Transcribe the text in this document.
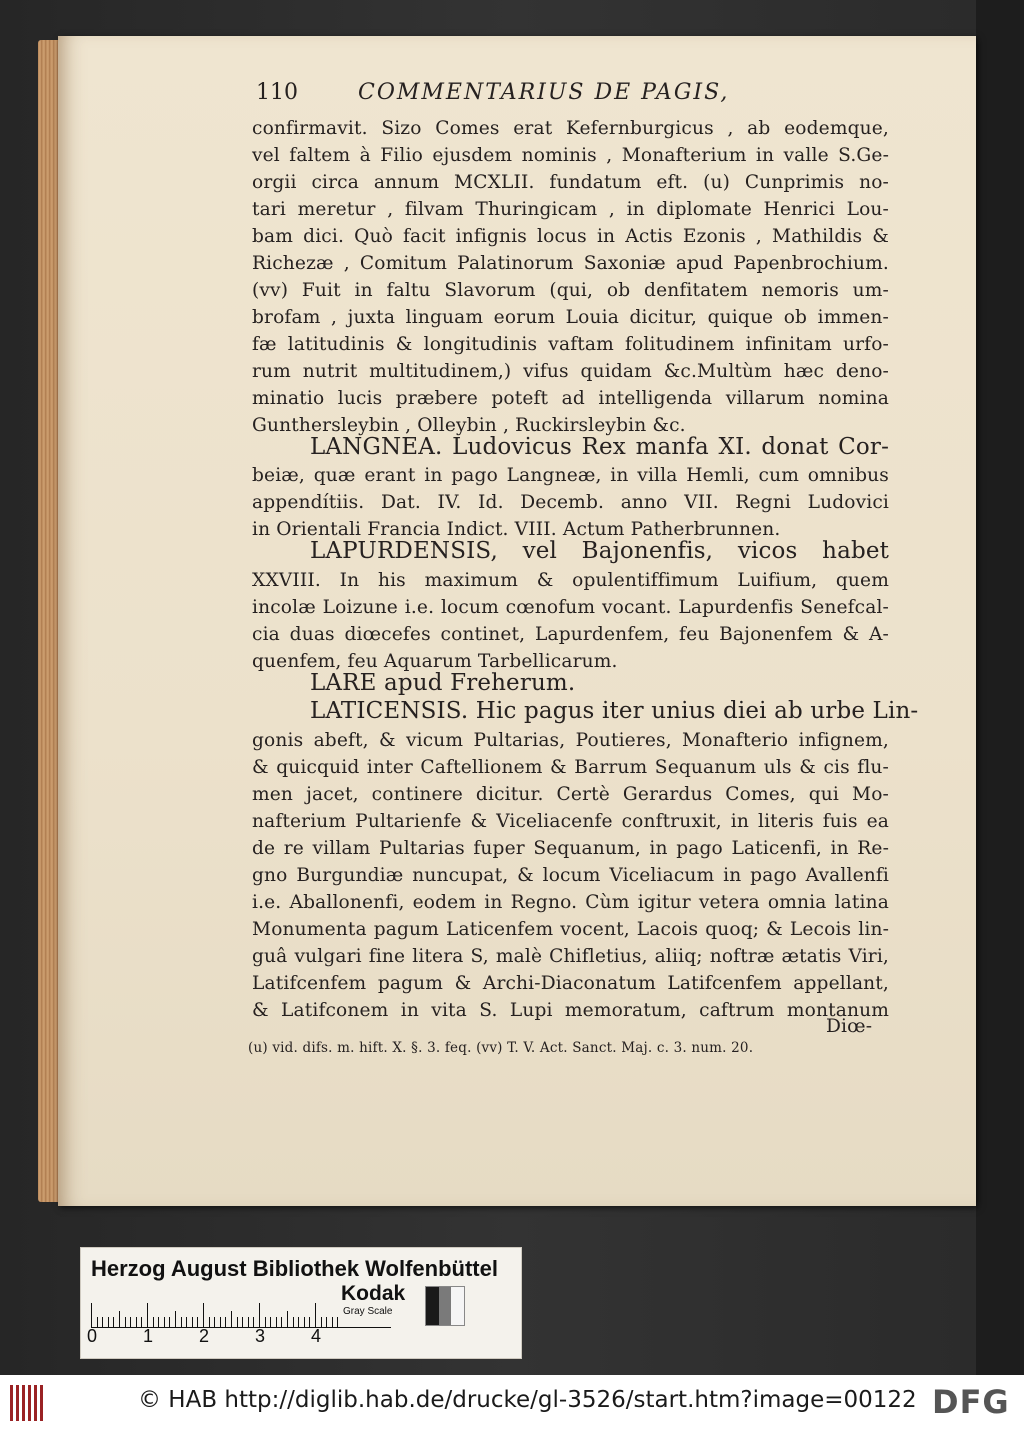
110	COMMENTARIUS DE PAGIS,
confirmavit. Sizo Comes erat Kefernburgicus , ab eodemque,
vel faltem à Filio ejusdem nominis , Monafterium in valle S.Ge-
orgii circa annum MCXLII. fundatum eft. (u) Cunprimis no-
tari meretur , filvam Thuringicam , in diplomate Henrici Lou-
bam dici. Quò facit infignis locus in Actis Ezonis , Mathildis &
Richezæ , Comitum Palatinorum Saxoniæ apud Papenbrochium.
(vv) Fuit in faltu Slavorum (qui, ob denfitatem nemoris um-
brofam , juxta linguam eorum Louia dicitur, quique ob immen-
fæ latitudinis & longitudinis vaftam folitudinem infinitam urfo-
rum nutrit multitudinem,) vifus quidam &c.Multùm hæc deno-
minatio lucis præbere poteft ad intelligenda villarum nomina
Gunthersleybin , Olleybin , Ruckirsleybin &c.
LANGNEA. Ludovicus Rex manfa XI. donat Cor-
beiæ, quæ erant in pago Langneæ, in villa Hemli, cum omnibus
appendítiis. Dat. IV. Id. Decemb. anno VII. Regni Ludovici
in Orientali Francia Indict. VIII. Actum Patherbrunnen.
LAPURDENSIS, vel Bajonenfis, vicos habet
XXVIII. In his maximum & opulentiffimum Luifium, quem
incolæ Loizune i.e. locum cœnofum vocant. Lapurdenfis Senefcal-
cia duas diœcefes continet, Lapurdenfem, feu Bajonenfem & A-
quenfem, feu Aquarum Tarbellicarum.
LARE apud Freherum.
LATICENSIS. Hic pagus iter unius diei ab urbe Lin-
gonis abeft, & vicum Pultarias, Poutieres, Monafterio infignem,
& quicquid inter Caftellionem & Barrum Sequanum uls & cis flu-
men jacet, continere dicitur. Certè Gerardus Comes, qui Mo-
nafterium Pultarienfe & Viceliacenfe conftruxit, in literis fuis ea
de re villam Pultarias fuper Sequanum, in pago Laticenfi, in Re-
gno Burgundiæ nuncupat, & locum Viceliacum in pago Avallenfi
i.e. Aballonenfi, eodem in Regno. Cùm igitur vetera omnia latina
Monumenta pagum Laticenfem vocent, Lacois quoq; & Lecois lin-
guâ vulgari fine litera S, malè Chifletius, aliiq; noftræ ætatis Viri,
Latifcenfem pagum & Archi-Diaconatum Latifcenfem appellant,
& Latifconem in vita S. Lupi memoratum, caftrum montanum
Diœ-
(u) vid. difs. m. hift. X. §. 3. feq. (vv) T. V. Act. Sanct. Maj. c. 3. num. 20.
Herzog August Bibliothek Wolfenbüttel
0	1	2	3	4
Kodak
Gray Scale
© HAB http://diglib.hab.de/drucke/gl-3526/start.htm?image=00122 DFG
